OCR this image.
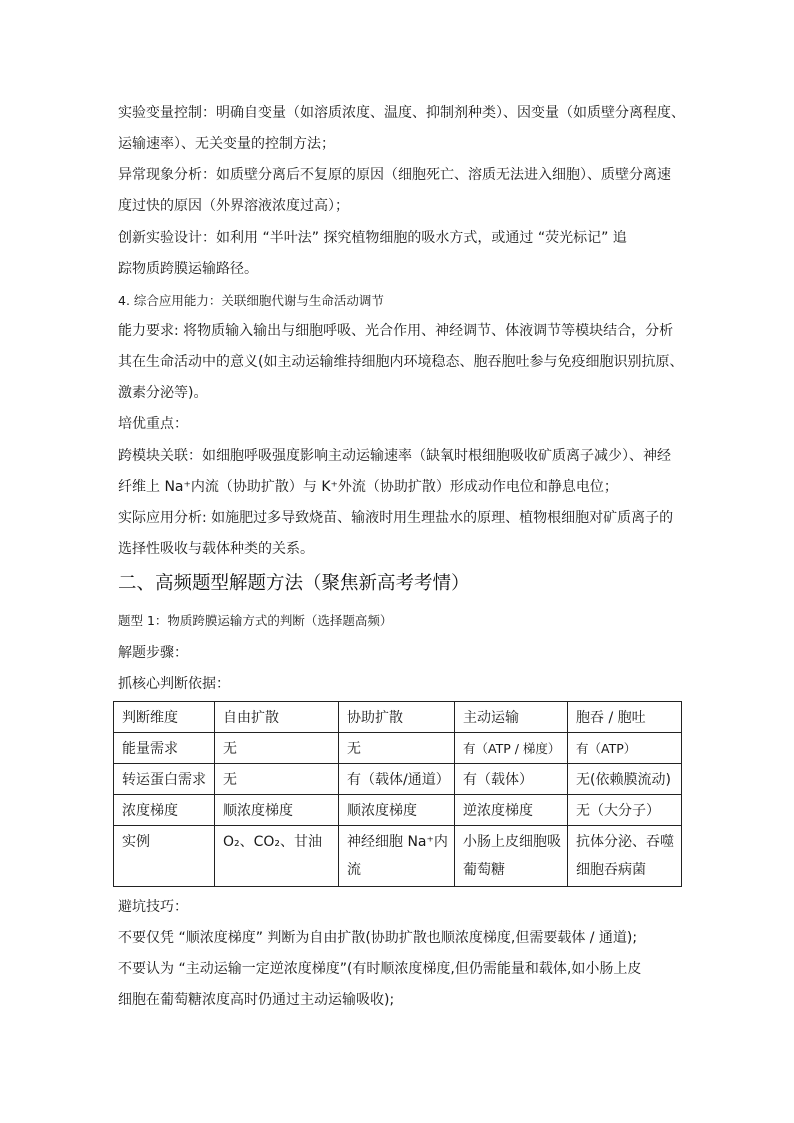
实验变量控制：明确自变量（如溶质浓度、温度、抑制剂种类）、因变量（如质壁分离程度、
运输速率）、无关变量的控制方法；
异常现象分析：如质壁分离后不复原的原因（细胞死亡、溶质无法进入细胞）、质壁分离速
度过快的原因（外界溶液浓度过高）；
创新实验设计：如利用 “半叶法” 探究植物细胞的吸水方式，或通过 “荧光标记” 追
踪物质跨膜运输路径。
4. 综合应用能力：关联细胞代谢与生命活动调节
能力要求: 将物质输入输出与细胞呼吸、光合作用、神经调节、体液调节等模块结合，分析
其在生命活动中的意义(如主动运输维持细胞内环境稳态、胞吞胞吐参与免疫细胞识别抗原、
激素分泌等)。
培优重点：
跨模块关联：如细胞呼吸强度影响主动运输速率（缺氧时根细胞吸收矿质离子减少）、神经
纤维上 Na⁺内流（协助扩散）与 K⁺外流（协助扩散）形成动作电位和静息电位；
实际应用分析: 如施肥过多导致烧苗、输液时用生理盐水的原理、植物根细胞对矿质离子的
选择性吸收与载体种类的关系。
二、高频题型解题方法（聚焦新高考考情）
题型 1：物质跨膜运输方式的判断（选择题高频）
解题步骤：
抓核心判断依据：
判断维度	自由扩散	协助扩散	主动运输	胞吞 / 胞吐
能量需求	无	无	有（ATP / 梯度）	有（ATP）
转运蛋白需求	无	有（载体/通道）	有（载体）	无(依赖膜流动)
浓度梯度	顺浓度梯度	顺浓度梯度	逆浓度梯度	无（大分子）
实例	O₂、CO₂、甘油	神经细胞 Na⁺内流	小肠上皮细胞吸葡萄糖	抗体分泌、吞噬细胞吞病菌
避坑技巧：
不要仅凭 “顺浓度梯度” 判断为自由扩散(协助扩散也顺浓度梯度,但需要载体 / 通道);
不要认为 “主动运输一定逆浓度梯度”(有时顺浓度梯度,但仍需能量和载体,如小肠上皮
细胞在葡萄糖浓度高时仍通过主动运输吸收);
